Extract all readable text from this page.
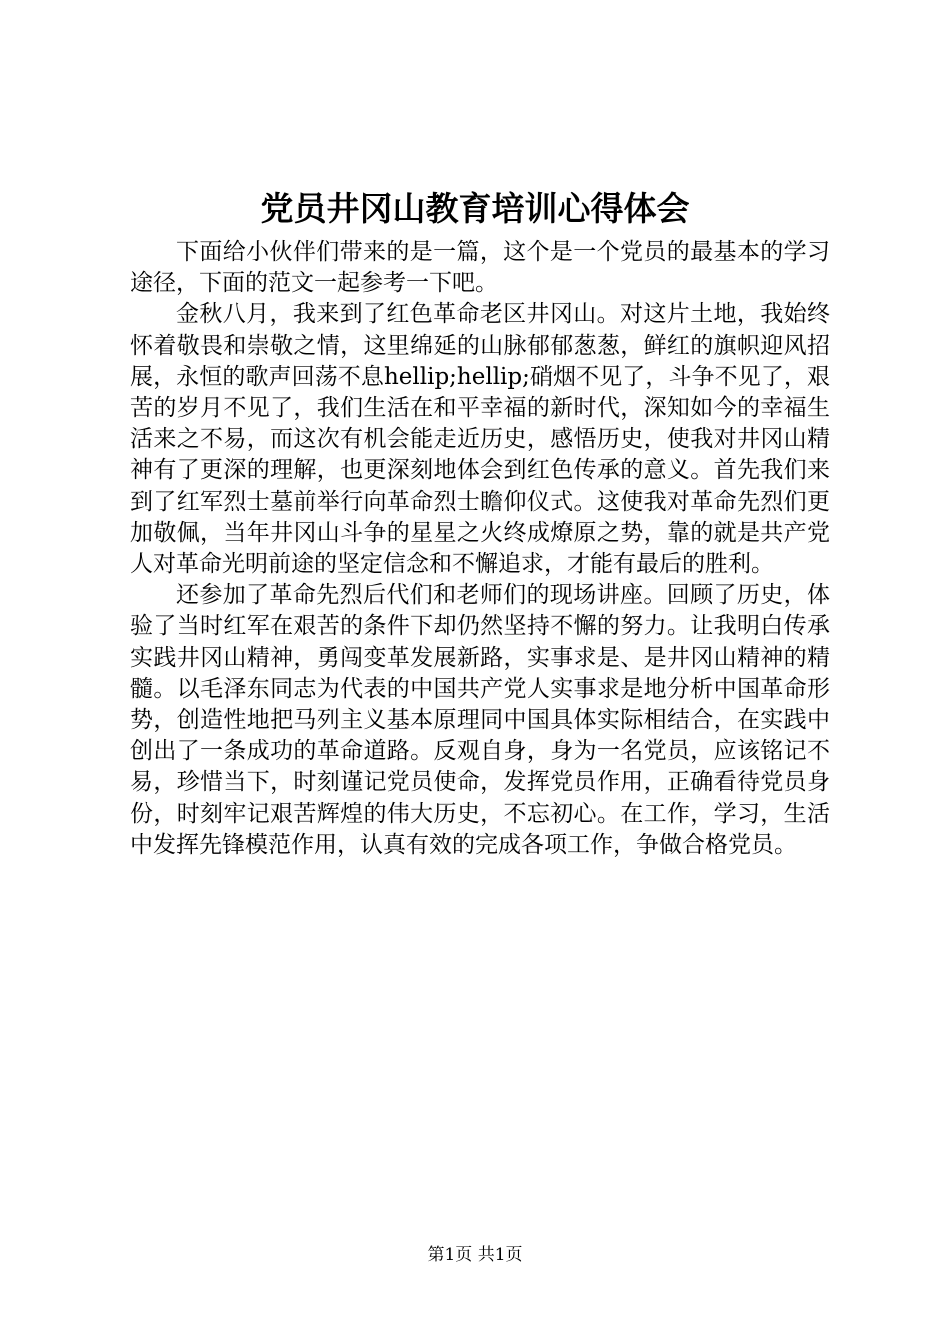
党员井冈山教育培训心得体会

下面给小伙伴们带来的是一篇，这个是一个党员的最基本的学习途径，下面的范文一起参考一下吧。

金秋八月，我来到了红色革命老区井冈山。对这片土地，我始终怀着敬畏和崇敬之情，这里绵延的山脉郁郁葱葱，鲜红的旗帜迎风招展，永恒的歌声回荡不息hellip;hellip;硝烟不见了，斗争不见了，艰苦的岁月不见了，我们生活在和平幸福的新时代，深知如今的幸福生活来之不易，而这次有机会能走近历史，感悟历史，使我对井冈山精神有了更深的理解，也更深刻地体会到红色传承的意义。首先我们来到了红军烈士墓前举行向革命烈士瞻仰仪式。这使我对革命先烈们更加敬佩，当年井冈山斗争的星星之火终成燎原之势，靠的就是共产党人对革命光明前途的坚定信念和不懈追求，才能有最后的胜利。

还参加了革命先烈后代们和老师们的现场讲座。回顾了历史，体验了当时红军在艰苦的条件下却仍然坚持不懈的努力。让我明白传承实践井冈山精神，勇闯变革发展新路，实事求是、是井冈山精神的精髓。以毛泽东同志为代表的中国共产党人实事求是地分析中国革命形势，创造性地把马列主义基本原理同中国具体实际相结合，在实践中创出了一条成功的革命道路。反观自身，身为一名党员，应该铭记不易，珍惜当下，时刻谨记党员使命，发挥党员作用，正确看待党员身份，时刻牢记艰苦辉煌的伟大历史，不忘初心。在工作，学习，生活中发挥先锋模范作用，认真有效的完成各项工作，争做合格党员。

第1页 共1页
